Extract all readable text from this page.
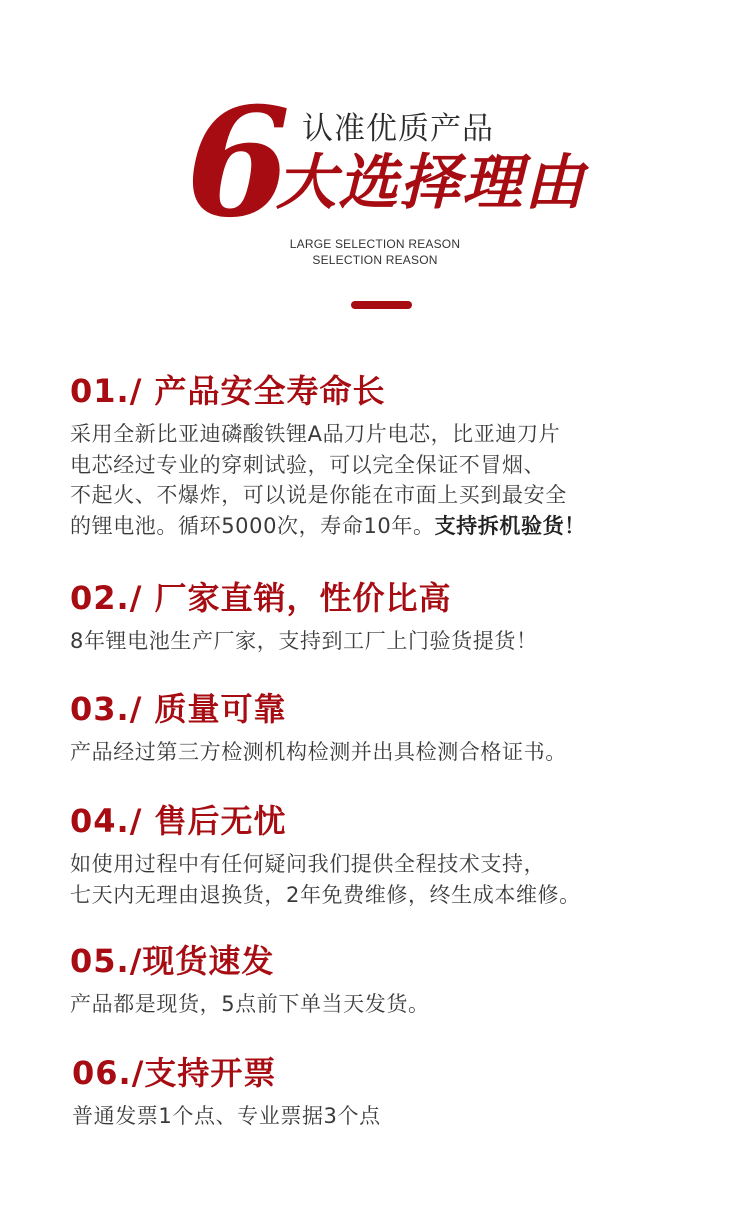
6 认准优质产品
大选择理由
LARGE SELECTION REASON
SELECTION REASON
01./ 产品安全寿命长
采用全新比亚迪磷酸铁锂A品刀片电芯，比亚迪刀片
电芯经过专业的穿刺试验，可以完全保证不冒烟、
不起火、不爆炸，可以说是你能在市面上买到最安全
的锂电池。循环5000次，寿命10年。支持拆机验货！
02./ 厂家直销，性价比高
8年锂电池生产厂家，支持到工厂上门验货提货！
03./ 质量可靠
产品经过第三方检测机构检测并出具检测合格证书。
04./ 售后无忧
如使用过程中有任何疑问我们提供全程技术支持，
七天内无理由退换货，2年免费维修，终生成本维修。
05./现货速发
产品都是现货，5点前下单当天发货。
06./支持开票
普通发票1个点、专业票据3个点
